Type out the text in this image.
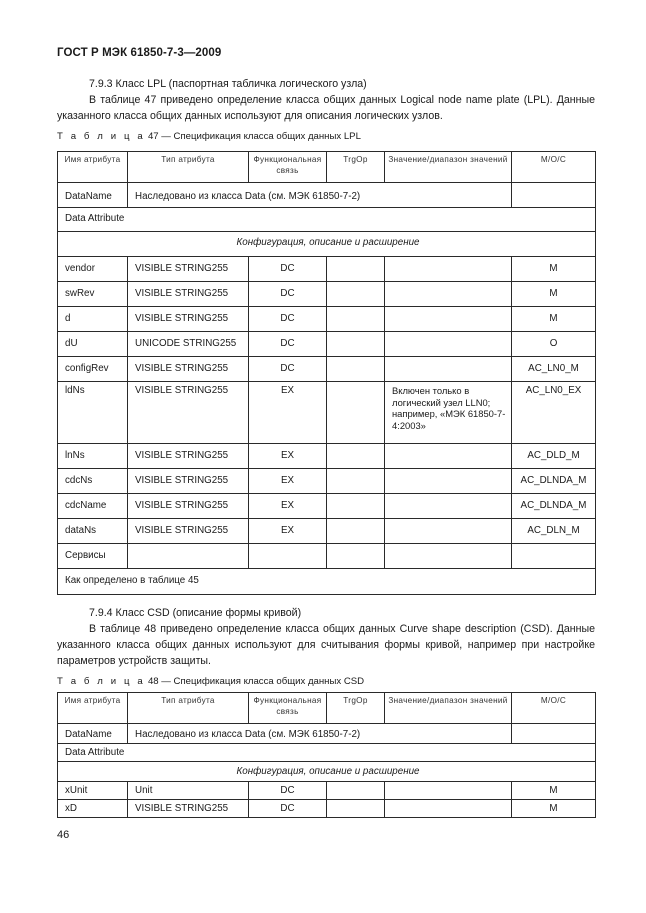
ГОСТ Р МЭК 61850-7-3—2009

7.9.3 Класс LPL (паспортная табличка логического узла)

В таблице 47 приведено определение класса общих данных Logical node name plate (LPL). Данные указанного класса общих данных используют для описания логических узлов.

Т а б л и ц а 47 — Спецификация класса общих данных LPL
Имя атрибута	Тип атрибута	Функциональная связь	TrgOp	Значение/диапазон значений	M/O/C
DataName	Наследовано из класса Data (см. МЭК 61850-7-2)				
Data Attribute					
Конфигурация, описание и расширение					
vendor	VISIBLE STRING255	DC			M
swRev	VISIBLE STRING255	DC			M
d	VISIBLE STRING255	DC			M
dU	UNICODE STRING255	DC			O
configRev	VISIBLE STRING255	DC			AC_LN0_M
ldNs	VISIBLE STRING255	EX		Включен только в логический узел LLN0; например, «МЭК 61850-7-4:2003»	AC_LN0_EX
lnNs	VISIBLE STRING255	EX			AC_DLD_M
cdcNs	VISIBLE STRING255	EX			AC_DLNDA_M
cdcName	VISIBLE STRING255	EX			AC_DLNDA_M
dataNs	VISIBLE STRING255	EX			AC_DLN_M
Сервисы					
Как определено в таблице 45					

7.9.4 Класс CSD (описание формы кривой)

В таблице 48 приведено определение класса общих данных Curve shape description (CSD). Данные указанного класса общих данных используют для считывания формы кривой, например при настройке параметров устройств защиты.

Т а б л и ц а 48 — Спецификация класса общих данных CSD
Имя атрибута	Тип атрибута	Функциональная связь	TrgOp	Значение/диапазон значений	M/O/C
DataName	Наследовано из класса Data (см. МЭК 61850-7-2)				
Data Attribute					
Конфигурация, описание и расширение					
xUnit	Unit	DC			M
xD	VISIBLE STRING255	DC			M
46
